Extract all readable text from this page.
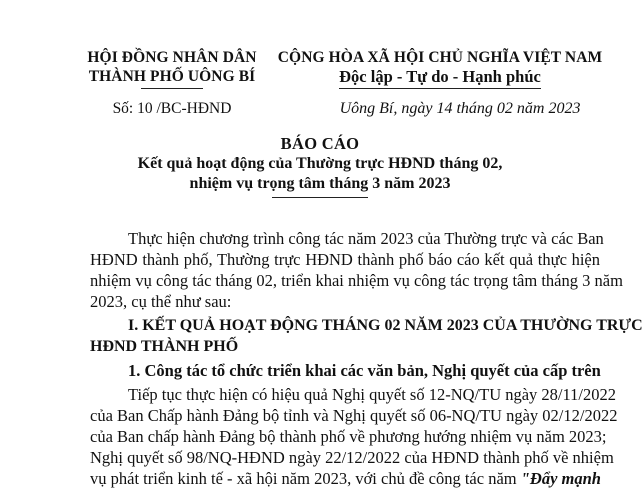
HỘI ĐỒNG NHÂN DÂN
THÀNH PHỐ UÔNG BÍ
Số: 10 /BC-HĐND
CỘNG HÒA XÃ HỘI CHỦ NGHĨA VIỆT NAM
Độc lập - Tự do - Hạnh phúc
Uông Bí, ngày 14 tháng 02 năm 2023
BÁO CÁO
Kết quả hoạt động của Thường trực HĐND tháng 02,
nhiệm vụ trọng tâm tháng 3 năm 2023
Thực hiện chương trình công tác năm 2023 của Thường trực và các Ban
HĐND thành phố, Thường trực HĐND thành phố báo cáo kết quả thực hiện
nhiệm vụ công tác tháng 02, triển khai nhiệm vụ công tác trọng tâm tháng 3 năm
2023, cụ thể như sau:
I. KẾT QUẢ HOẠT ĐỘNG THÁNG 02 NĂM 2023 CỦA THƯỜNG TRỰC
HĐND THÀNH PHỐ
1. Công tác tổ chức triển khai các văn bản, Nghị quyết của cấp trên
Tiếp tục thực hiện có hiệu quả Nghị quyết số 12-NQ/TU ngày 28/11/2022
của Ban Chấp hành Đảng bộ tỉnh và Nghị quyết số 06-NQ/TU ngày 02/12/2022
của Ban chấp hành Đảng bộ thành phố về phương hướng nhiệm vụ năm 2023;
Nghị quyết số 98/NQ-HĐND ngày 22/12/2022 của HĐND thành phố về nhiệm
vụ phát triển kinh tế - xã hội năm 2023, với chủ đề công tác năm "Đẩy mạnh
